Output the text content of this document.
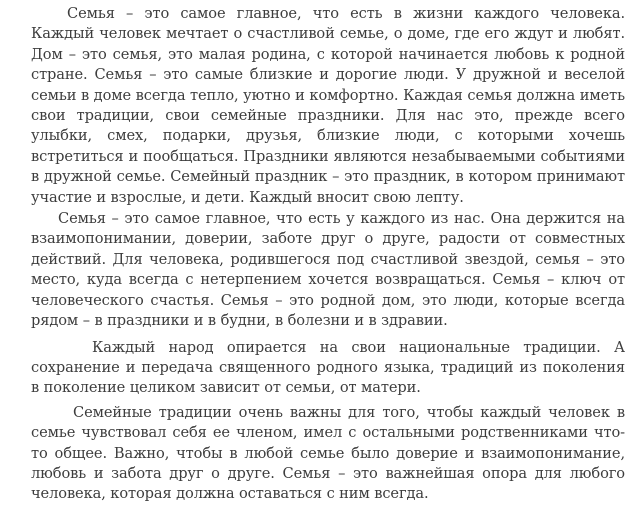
Семья – это самое главное, что есть в жизни каждого человека. Каждый человек мечтает о счастливой семье, о доме, где его ждут и любят. Дом – это семья, это малая родина, с которой начинается любовь к родной стране. Семья – это самые близкие и дорогие люди. У дружной и веселой семьи в доме всегда тепло, уютно и комфортно. Каждая семья должна иметь свои традиции, свои семейные праздники. Для нас это, прежде всего улыбки, смех, подарки, друзья, близкие люди, с которыми хочешь встретиться и пообщаться. Праздники являются незабываемыми событиями в дружной семье. Семейный праздник – это праздник, в котором принимают участие и взрослые, и дети. Каждый вносит свою лепту.

Семья – это самое главное, что есть у каждого из нас. Она держится на взаимопонимании, доверии, заботе друг о друге, радости от совместных действий. Для человека, родившегося под счастливой звездой, семья – это место, куда всегда с нетерпением хочется возвращаться. Семья – ключ от человеческого счастья. Семья – это родной дом, это люди, которые всегда рядом – в праздники и в будни, в болезни и в здравии.

Каждый народ опирается на свои национальные традиции. А сохранение и передача священного родного языка, традиций из поколения в поколение целиком зависит от семьи, от матери.

Семейные традиции очень важны для того, чтобы каждый человек в семье чувствовал себя ее членом, имел с остальными родственниками что-то общее. Важно, чтобы в любой семье было доверие и взаимопонимание, любовь и забота друг о друге. Семья – это важнейшая опора для любого человека, которая должна оставаться с ним всегда.
